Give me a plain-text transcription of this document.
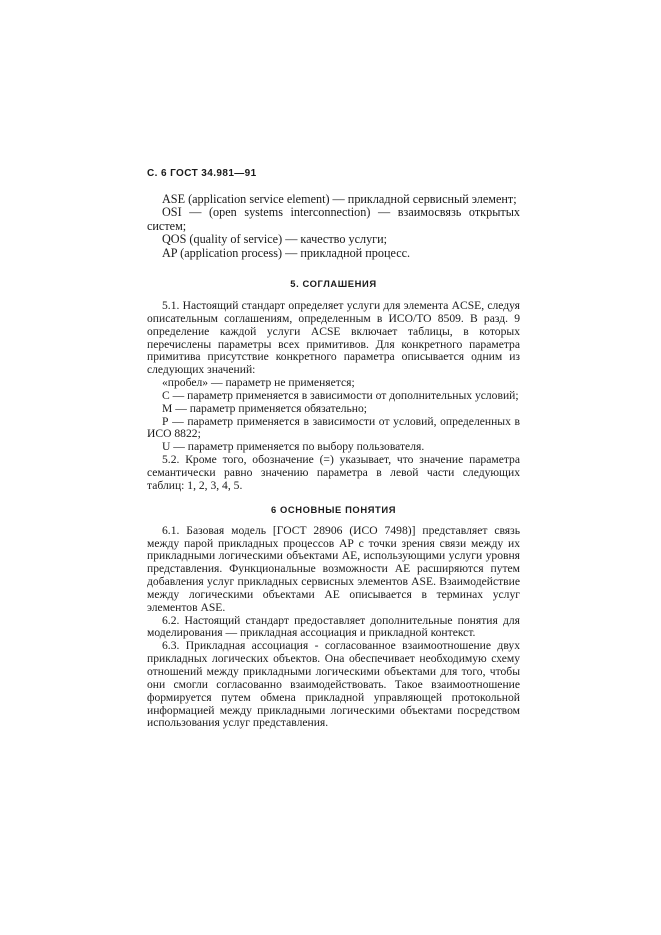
С. 6 ГОСТ 34.981—91

ASE (application service element) — прикладной сервисный элемент;

OSI — (open systems interconnection) — взаимосвязь открытых систем;

QOS (quality of service) — качество услуги;

AP (application process) — прикладной процесс.

5. СОГЛАШЕНИЯ

5.1. Настоящий стандарт определяет услуги для элемента ACSE, следуя описательным соглашениям, определенным в ИСО/ТО 8509. В разд. 9 определение каждой услуги ACSE включает таблицы, в которых перечислены параметры всех примитивов. Для конкретного параметра примитива присутствие конкретного параметра описывается одним из следующих значений:

«пробел» — параметр не применяется;

С — параметр применяется в зависимости от дополнительных условий;

М — параметр применяется обязательно;

Р — параметр применяется в зависимости от условий, определенных в ИСО 8822;

U — параметр применяется по выбору пользователя.

5.2. Кроме того, обозначение (=) указывает, что значение параметра семантически равно значению параметра в левой части следующих таблиц: 1, 2, 3, 4, 5.

6 ОСНОВНЫЕ ПОНЯТИЯ

6.1. Базовая модель [ГОСТ 28906 (ИСО 7498)] представляет связь между парой прикладных процессов АР с точки зрения связи между их прикладными логическими объектами АЕ, использующими услуги уровня представления. Функциональные возможности АЕ расширяются путем добавления услуг прикладных сервисных элементов ASE. Взаимодействие между логическими объектами АЕ описывается в терминах услуг элементов ASE.

6.2. Настоящий стандарт предоставляет дополнительные понятия для моделирования — прикладная ассоциация и прикладной контекст.

6.3. Прикладная ассоциация - согласованное взаимоотношение двух прикладных логических объектов. Она обеспечивает необходимую схему отношений между прикладными логическими объектами для того, чтобы они смогли согласованно взаимодействовать. Такое взаимоотношение формируется путем обмена прикладной управляющей протокольной информацией между прикладными логическими объектами посредством использования услуг представления.
